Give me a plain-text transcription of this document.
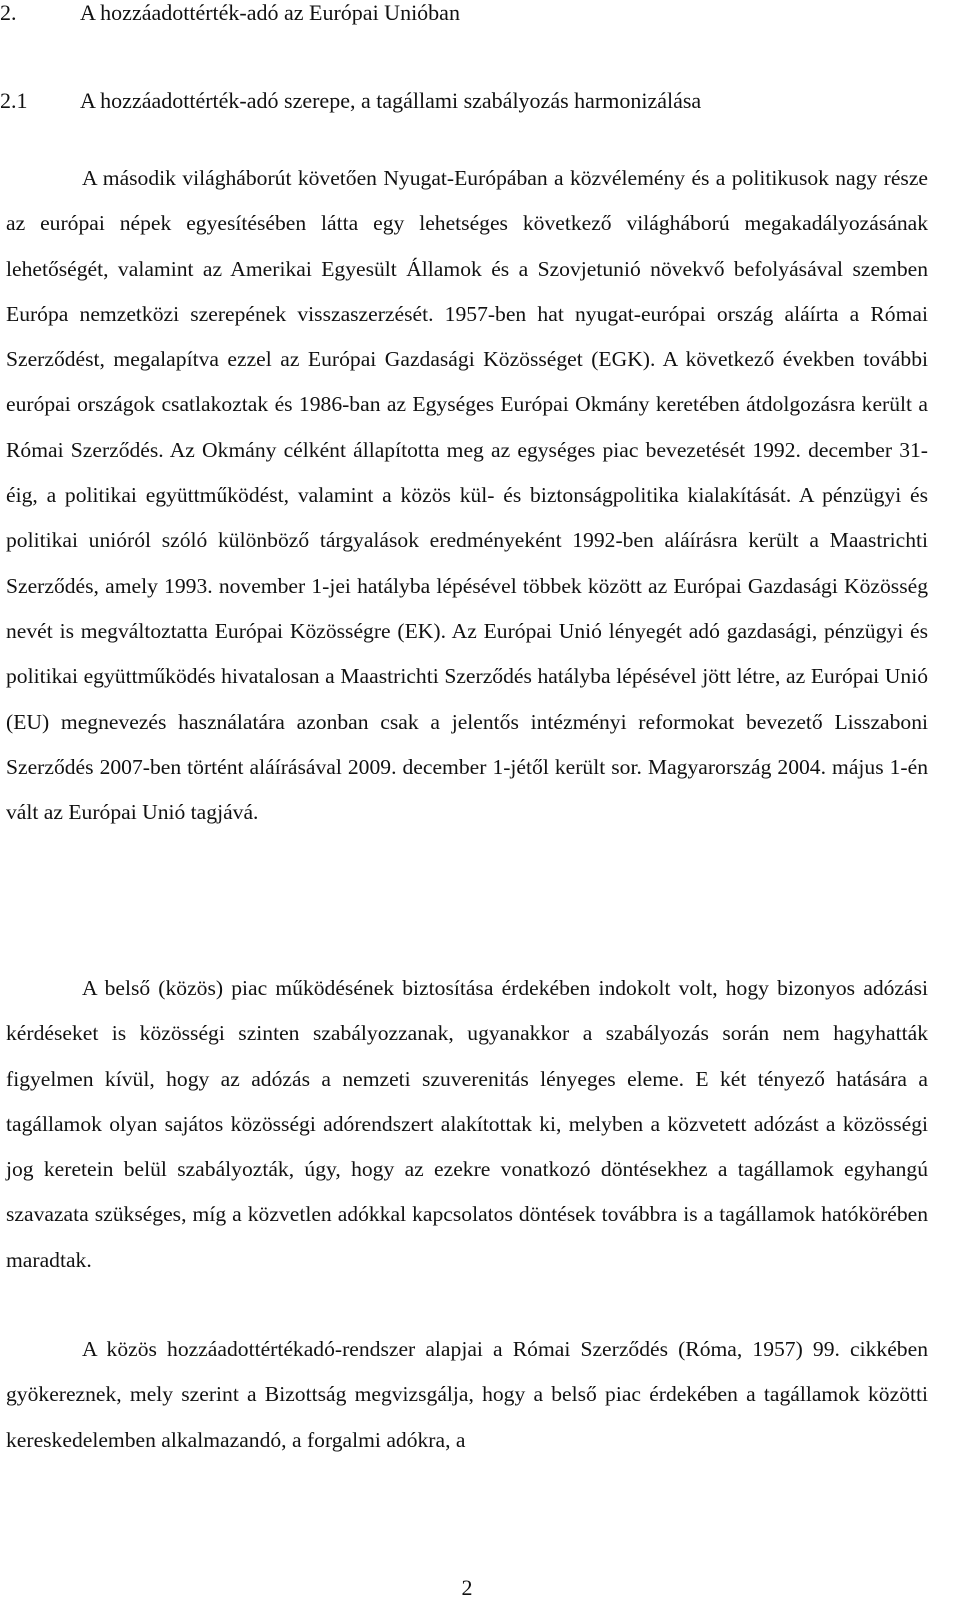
2.	A hozzáadottérték-adó az Európai Unióban
2.1 A hozzáadottérték-adó szerepe, a tagállami szabályozás harmonizálása

A második világháborút követően Nyugat-Európában a közvélemény és a politikusok nagy része az európai népek egyesítésében látta egy lehetséges következő világháború megakadályozásának lehetőségét, valamint az Amerikai Egyesült Államok és a Szovjetunió növekvő befolyásával szemben Európa nemzetközi szerepének visszaszerzését. 1957-ben hat nyugat-európai ország aláírta a Római Szerződést, megalapítva ezzel az Európai Gazdasági Közösséget (EGK). A következő években további európai országok csatlakoztak és 1986-ban az Egységes Európai Okmány keretében átdolgozásra került a Római Szerződés. Az Okmány célként állapította meg az egységes piac bevezetését 1992. december 31-éig, a politikai együttműködést, valamint a közös kül- és biztonságpolitika kialakítását. A pénzügyi és politikai unióról szóló különböző tárgyalások eredményeként 1992-ben aláírásra került a Maastrichti Szerződés, amely 1993. november 1-jei hatályba lépésével többek között az Európai Gazdasági Közösség nevét is megváltoztatta Európai Közösségre (EK). Az Európai Unió lényegét adó gazdasági, pénzügyi és politikai együttműködés hivatalosan a Maastrichti Szerződés hatályba lépésével jött létre, az Európai Unió (EU) megnevezés használatára azonban csak a jelentős intézményi reformokat bevezető Lisszaboni Szerződés 2007-ben történt aláírásával 2009. december 1-jétől került sor. Magyarország 2004. május 1-én vált az Európai Unió tagjává.

A belső (közös) piac működésének biztosítása érdekében indokolt volt, hogy bizonyos adózási kérdéseket is közösségi szinten szabályozzanak, ugyanakkor a szabályozás során nem hagyhatták figyelmen kívül, hogy az adózás a nemzeti szuverenitás lényeges eleme. E két tényező hatására a tagállamok olyan sajátos közösségi adórendszert alakítottak ki, melyben a közvetett adózást a közösségi jog keretein belül szabályozták, úgy, hogy az ezekre vonatkozó döntésekhez a tagállamok egyhangú szavazata szükséges, míg a közvetlen adókkal kapcsolatos döntések továbbra is a tagállamok hatókörében maradtak.

A közös hozzáadottértékadó-rendszer alapjai a Római Szerződés (Róma, 1957) 99. cikkében gyökereznek, mely szerint a Bizottság megvizsgálja, hogy a belső piac érdekében a tagállamok közötti kereskedelemben alkalmazandó, a forgalmi adókra, a

2
